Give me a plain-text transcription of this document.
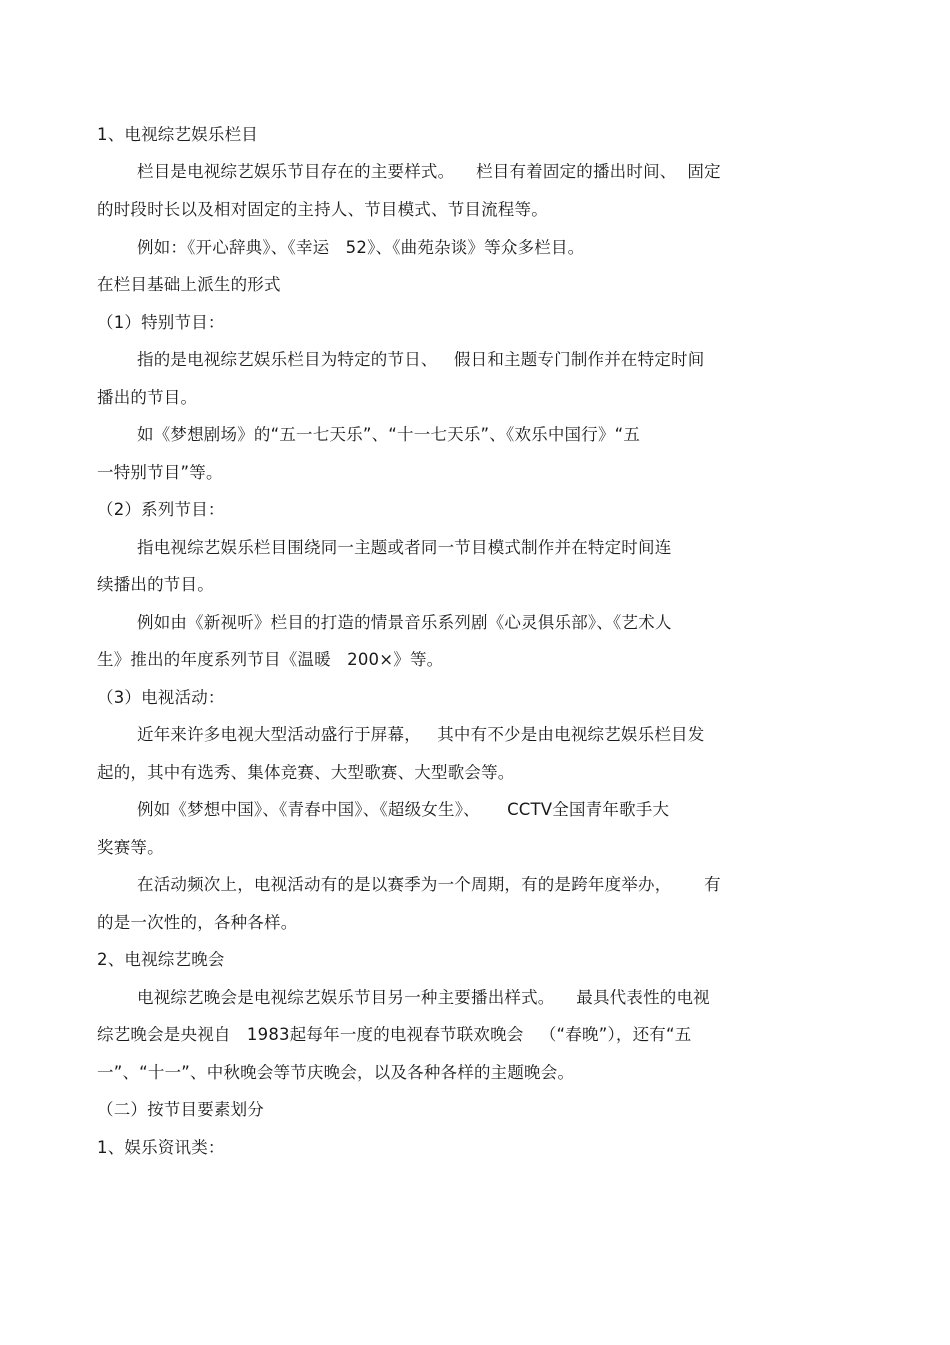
1、电视综艺娱乐栏目
栏目是电视综艺娱乐节目存在的主要样式。    栏目有着固定的播出时间、  固定
的时段时长以及相对固定的主持人、节目模式、节目流程等。
例如：《开心辞典》、《幸运   52》、《曲苑杂谈》等众多栏目。
在栏目基础上派生的形式
（1）特别节目：
指的是电视综艺娱乐栏目为特定的节日、   假日和主题专门制作并在特定时间
播出的节目。
如《梦想剧场》的“五一七天乐”、“十一七天乐”、《欢乐中国行》“五
一特别节目”等。
（2）系列节目：
指电视综艺娱乐栏目围绕同一主题或者同一节目模式制作并在特定时间连
续播出的节目。
例如由《新视听》栏目的打造的情景音乐系列剧《心灵俱乐部》、《艺术人
生》推出的年度系列节目《温暖   200×》等。
（3）电视活动：
近年来许多电视大型活动盛行于屏幕，   其中有不少是由电视综艺娱乐栏目发
起的，其中有选秀、集体竞赛、大型歌赛、大型歌会等。
例如《梦想中国》、《青春中国》、《超级女生》、     CCTV全国青年歌手大
奖赛等。
在活动频次上，电视活动有的是以赛季为一个周期，有的是跨年度举办，      有
的是一次性的，各种各样。
2、电视综艺晚会
电视综艺晚会是电视综艺娱乐节目另一种主要播出样式。    最具代表性的电视
综艺晚会是央视自   1983起每年一度的电视春节联欢晚会   （“春晚”），还有“五
一”、“十一”、中秋晚会等节庆晚会，以及各种各样的主题晚会。
（二）按节目要素划分
1、娱乐资讯类：
